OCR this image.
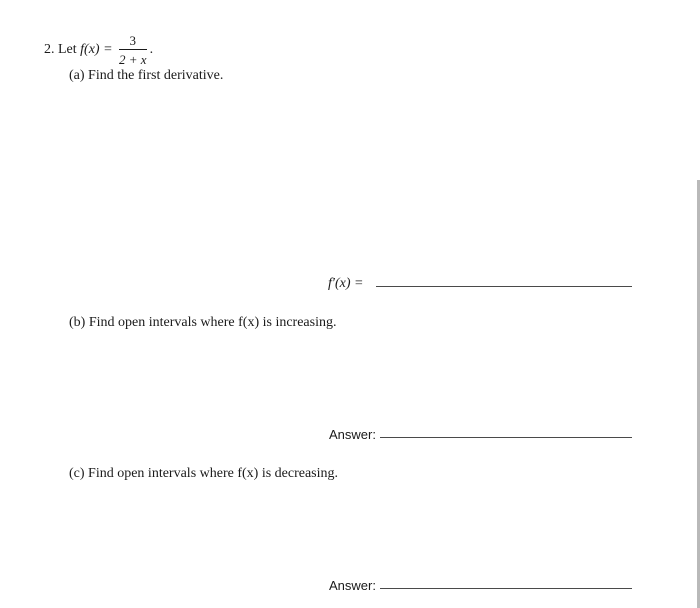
2. Let $f(x) = \frac{3}{2 + x}$ .
(a) Find the first derivative.
f′(x) =
(b) Find open intervals where f(x) is increasing.
Answer:
(c) Find open intervals where f(x) is decreasing.
Answer:
